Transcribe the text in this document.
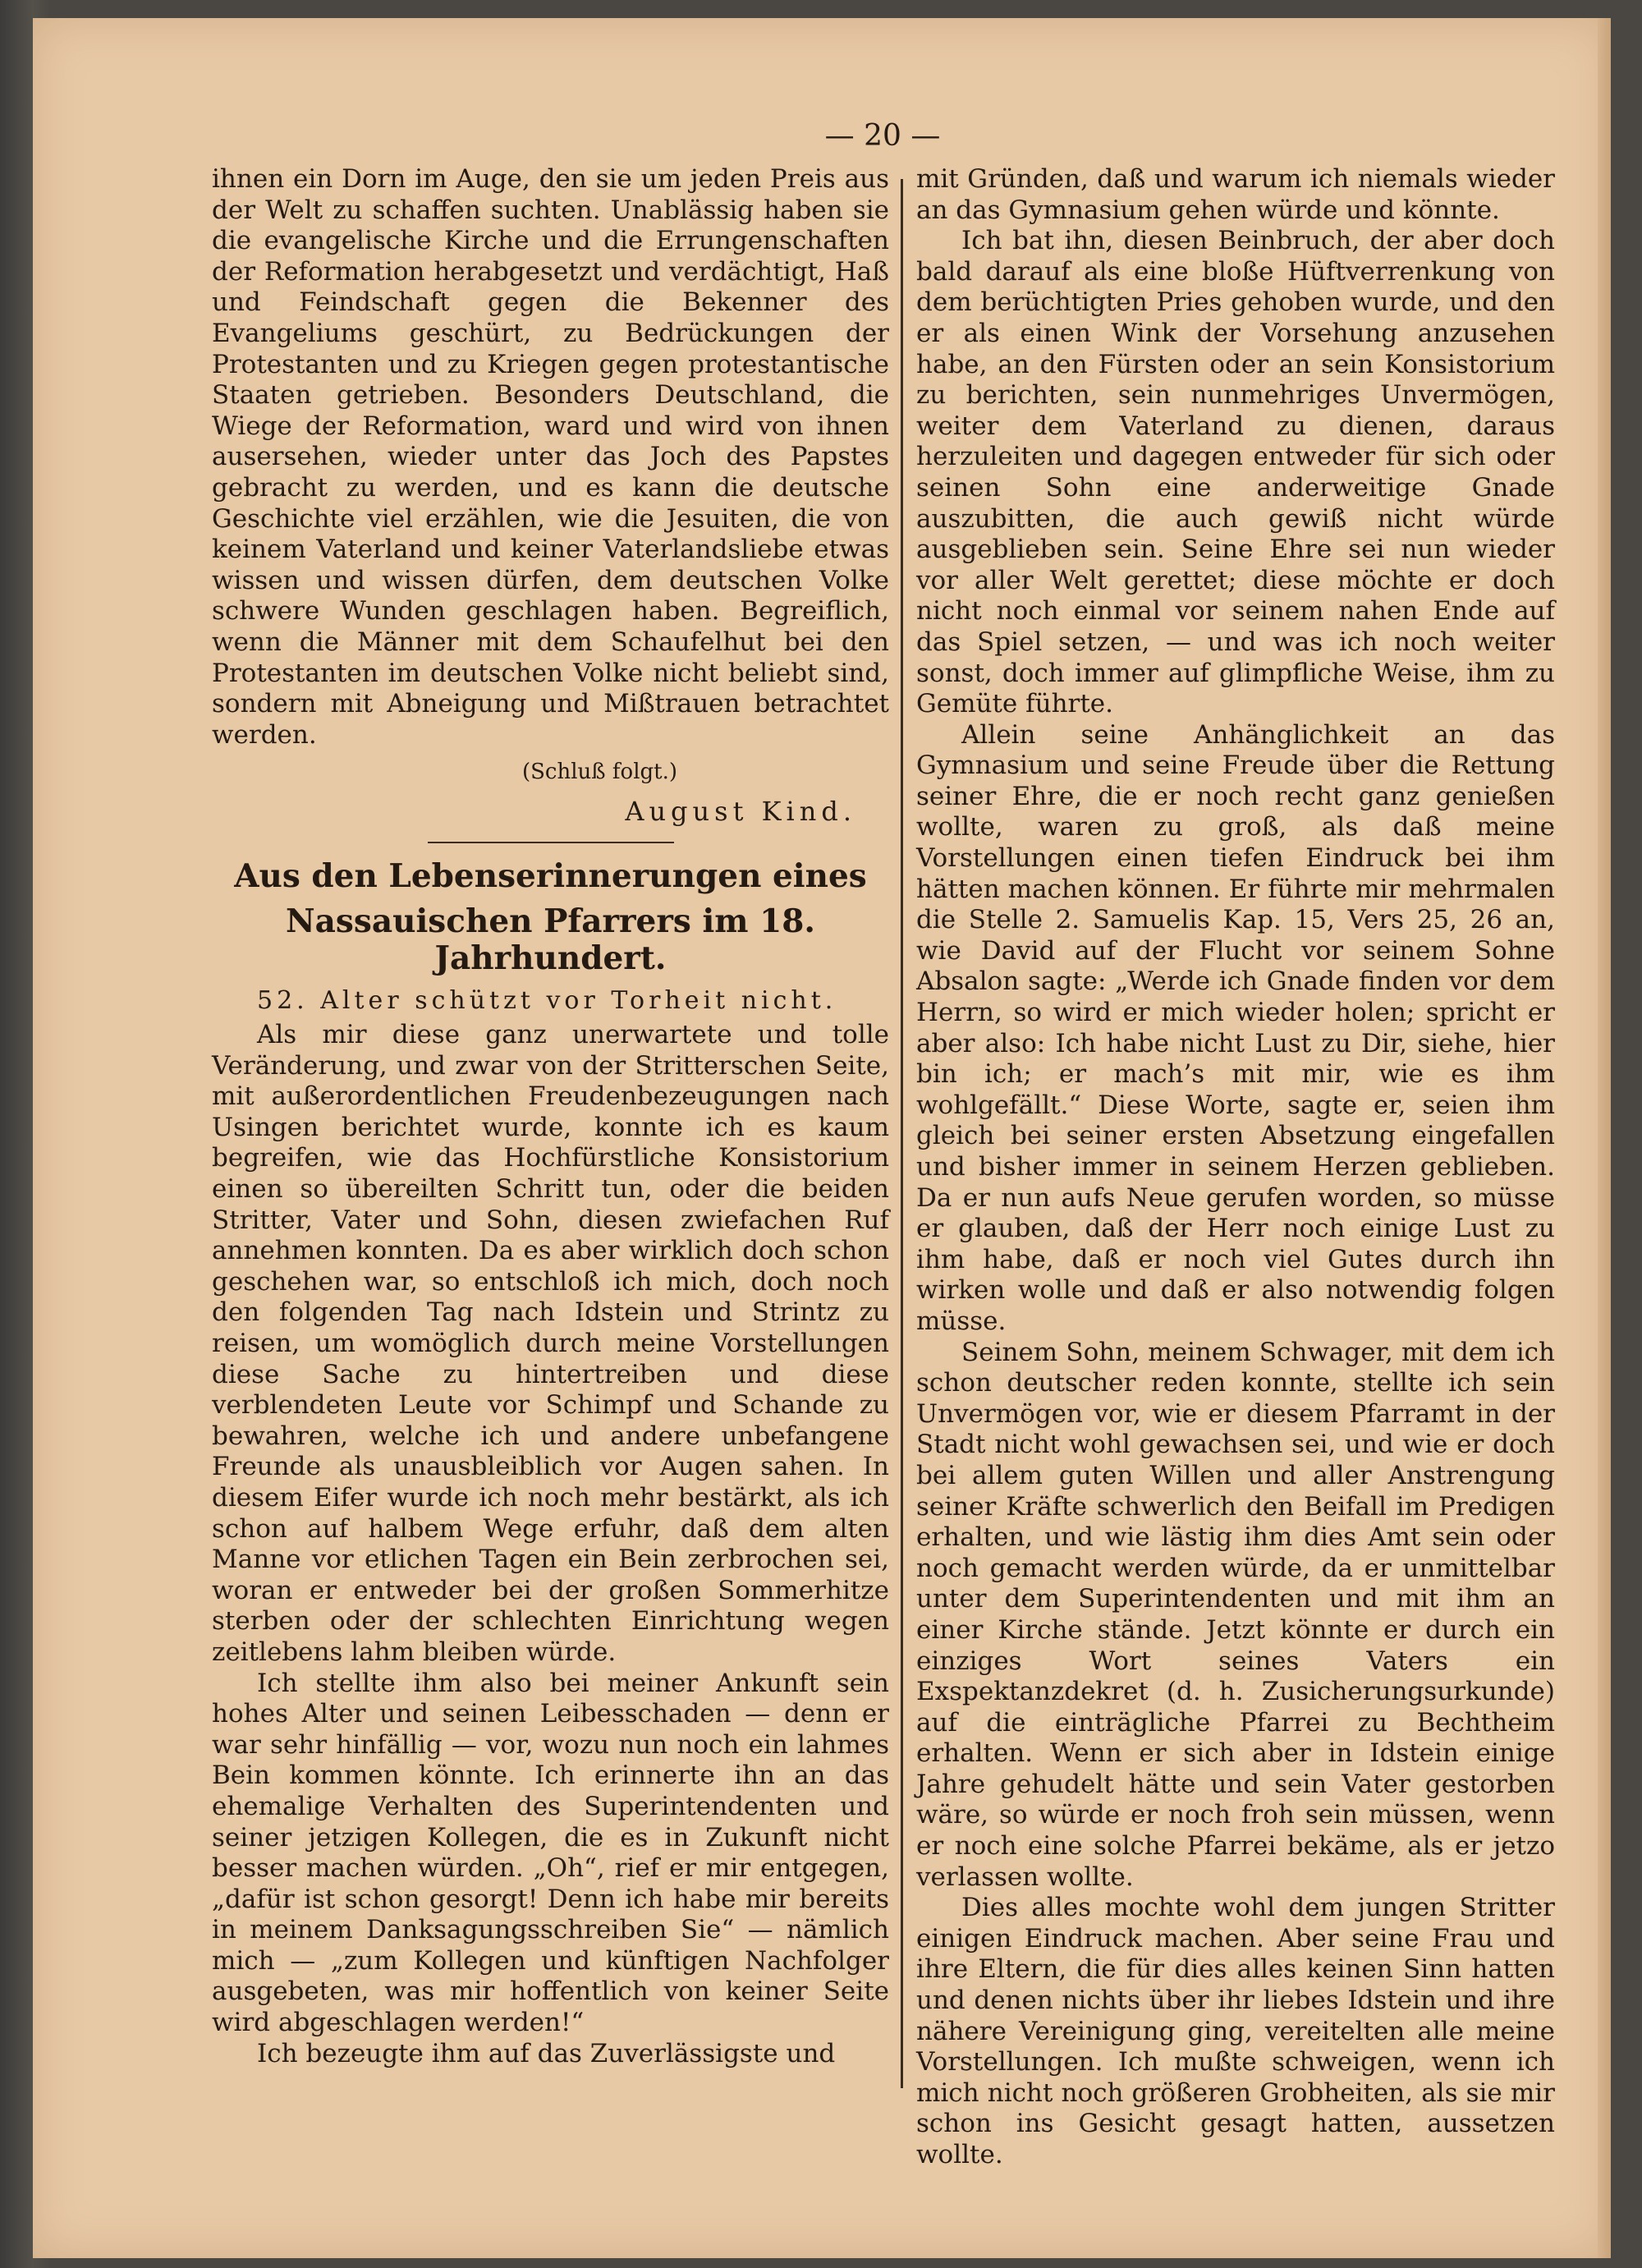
— 20 —

ihnen ein Dorn im Auge, den sie um jeden Preis aus der Welt zu schaffen suchten. Unablässig haben sie die evangelische Kirche und die Errungenschaften der Reformation herabgesetzt und verdächtigt, Haß und Feindschaft gegen die Bekenner des Evangeliums geschürt, zu Bedrückungen der Protestanten und zu Kriegen gegen protestantische Staaten getrieben. Besonders Deutschland, die Wiege der Reformation, ward und wird von ihnen ausersehen, wieder unter das Joch des Papstes gebracht zu werden, und es kann die deutsche Geschichte viel erzählen, wie die Jesuiten, die von keinem Vaterland und keiner Vaterlandsliebe etwas wissen und wissen dürfen, dem deutschen Volke schwere Wunden geschlagen haben. Begreiflich, wenn die Männer mit dem Schaufelhut bei den Protestanten im deutschen Volke nicht beliebt sind, sondern mit Abneigung und Mißtrauen betrachtet werden.

(Schluß folgt.)

August Kind.

Aus den Lebenserinnerungen eines

Nassauischen Pfarrers im 18. Jahrhundert.

52. Alter schützt vor Torheit nicht.

Als mir diese ganz unerwartete und tolle Veränderung, und zwar von der Stritterschen Seite, mit außerordentlichen Freudenbezeugungen nach Usingen berichtet wurde, konnte ich es kaum begreifen, wie das Hochfürstliche Konsistorium einen so übereilten Schritt tun, oder die beiden Stritter, Vater und Sohn, diesen zwiefachen Ruf annehmen konnten. Da es aber wirklich doch schon geschehen war, so entschloß ich mich, doch noch den folgenden Tag nach Idstein und Strintz zu reisen, um womöglich durch meine Vorstellungen diese Sache zu hintertreiben und diese verblendeten Leute vor Schimpf und Schande zu bewahren, welche ich und andere unbefangene Freunde als unausbleiblich vor Augen sahen. In diesem Eifer wurde ich noch mehr bestärkt, als ich schon auf halbem Wege erfuhr, daß dem alten Manne vor etlichen Tagen ein Bein zerbrochen sei, woran er entweder bei der großen Sommerhitze sterben oder der schlechten Einrichtung wegen zeitlebens lahm bleiben würde.

Ich stellte ihm also bei meiner Ankunft sein hohes Alter und seinen Leibesschaden — denn er war sehr hinfällig — vor, wozu nun noch ein lahmes Bein kommen könnte. Ich erinnerte ihn an das ehemalige Verhalten des Superintendenten und seiner jetzigen Kollegen, die es in Zukunft nicht besser machen würden. „Oh“, rief er mir entgegen, „dafür ist schon gesorgt! Denn ich habe mir bereits in meinem Danksagungsschreiben Sie“ — nämlich mich — „zum Kollegen und künftigen Nachfolger ausgebeten, was mir hoffentlich von keiner Seite wird abgeschlagen werden!“

Ich bezeugte ihm auf das Zuverlässigste und

mit Gründen, daß und warum ich niemals wieder an das Gymnasium gehen würde und könnte.

Ich bat ihn, diesen Beinbruch, der aber doch bald darauf als eine bloße Hüftverrenkung von dem berüchtigten Pries gehoben wurde, und den er als einen Wink der Vorsehung anzusehen habe, an den Fürsten oder an sein Konsistorium zu berichten, sein nunmehriges Unvermögen, weiter dem Vaterland zu dienen, daraus herzuleiten und dagegen entweder für sich oder seinen Sohn eine anderweitige Gnade auszubitten, die auch gewiß nicht würde ausgeblieben sein. Seine Ehre sei nun wieder vor aller Welt gerettet; diese möchte er doch nicht noch einmal vor seinem nahen Ende auf das Spiel setzen, — und was ich noch weiter sonst, doch immer auf glimpfliche Weise, ihm zu Gemüte führte.

Allein seine Anhänglichkeit an das Gymnasium und seine Freude über die Rettung seiner Ehre, die er noch recht ganz genießen wollte, waren zu groß, als daß meine Vorstellungen einen tiefen Eindruck bei ihm hätten machen können. Er führte mir mehrmalen die Stelle 2. Samuelis Kap. 15, Vers 25, 26 an, wie David auf der Flucht vor seinem Sohne Absalon sagte: „Werde ich Gnade finden vor dem Herrn, so wird er mich wieder holen; spricht er aber also: Ich habe nicht Lust zu Dir, siehe, hier bin ich; er mach’s mit mir, wie es ihm wohlgefällt.“ Diese Worte, sagte er, seien ihm gleich bei seiner ersten Absetzung eingefallen und bisher immer in seinem Herzen geblieben. Da er nun aufs Neue gerufen worden, so müsse er glauben, daß der Herr noch einige Lust zu ihm habe, daß er noch viel Gutes durch ihn wirken wolle und daß er also notwendig folgen müsse.

Seinem Sohn, meinem Schwager, mit dem ich schon deutscher reden konnte, stellte ich sein Unvermögen vor, wie er diesem Pfarramt in der Stadt nicht wohl gewachsen sei, und wie er doch bei allem guten Willen und aller Anstrengung seiner Kräfte schwerlich den Beifall im Predigen erhalten, und wie lästig ihm dies Amt sein oder noch gemacht werden würde, da er unmittelbar unter dem Superintendenten und mit ihm an einer Kirche stände. Jetzt könnte er durch ein einziges Wort seines Vaters ein Exspektanzdekret (d. h. Zusicherungsurkunde) auf die einträgliche Pfarrei zu Bechtheim erhalten. Wenn er sich aber in Idstein einige Jahre gehudelt hätte und sein Vater gestorben wäre, so würde er noch froh sein müssen, wenn er noch eine solche Pfarrei bekäme, als er jetzo verlassen wollte.

Dies alles mochte wohl dem jungen Stritter einigen Eindruck machen. Aber seine Frau und ihre Eltern, die für dies alles keinen Sinn hatten und denen nichts über ihr liebes Idstein und ihre nähere Vereinigung ging, vereitelten alle meine Vorstellungen. Ich mußte schweigen, wenn ich mich nicht noch größeren Grobheiten, als sie mir schon ins Gesicht gesagt hatten, aussetzen wollte.
